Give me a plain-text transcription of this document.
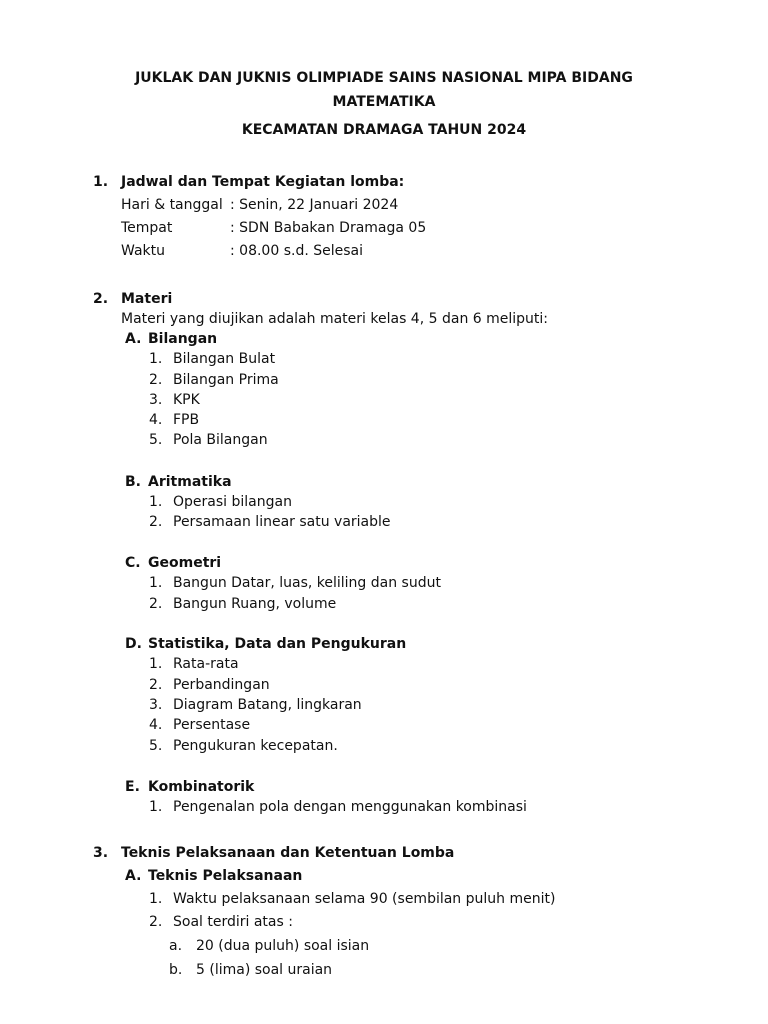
JUKLAK DAN JUKNIS OLIMPIADE SAINS NASIONAL MIPA BIDANG
MATEMATIKA
KECAMATAN DRAMAGA TAHUN 2024
1. Jadwal dan Tempat Kegiatan lomba:
Hari & tanggal : Senin, 22 Januari 2024
Tempat	: SDN Babakan Dramaga 05
Waktu	: 08.00 s.d. Selesai
2. Materi
Materi yang diujikan adalah materi kelas 4, 5 dan 6 meliputi:
A. Bilangan
1. Bilangan Bulat
2. Bilangan Prima
3. KPK
4. FPB
5. Pola Bilangan
B. Aritmatika
1. Operasi bilangan
2. Persamaan linear satu variable
C. Geometri
1. Bangun Datar, luas, keliling dan sudut
2. Bangun Ruang, volume
D. Statistika, Data dan Pengukuran
1. Rata-rata
2. Perbandingan
3. Diagram Batang, lingkaran
4. Persentase
5. Pengukuran kecepatan.
E. Kombinatorik
1. Pengenalan pola dengan menggunakan kombinasi
3. Teknis Pelaksanaan dan Ketentuan Lomba
A. Teknis Pelaksanaan
1. Waktu pelaksanaan selama 90 (sembilan puluh menit)
2. Soal terdiri atas :
a. 20 (dua puluh) soal isian
b. 5 (lima) soal uraian
